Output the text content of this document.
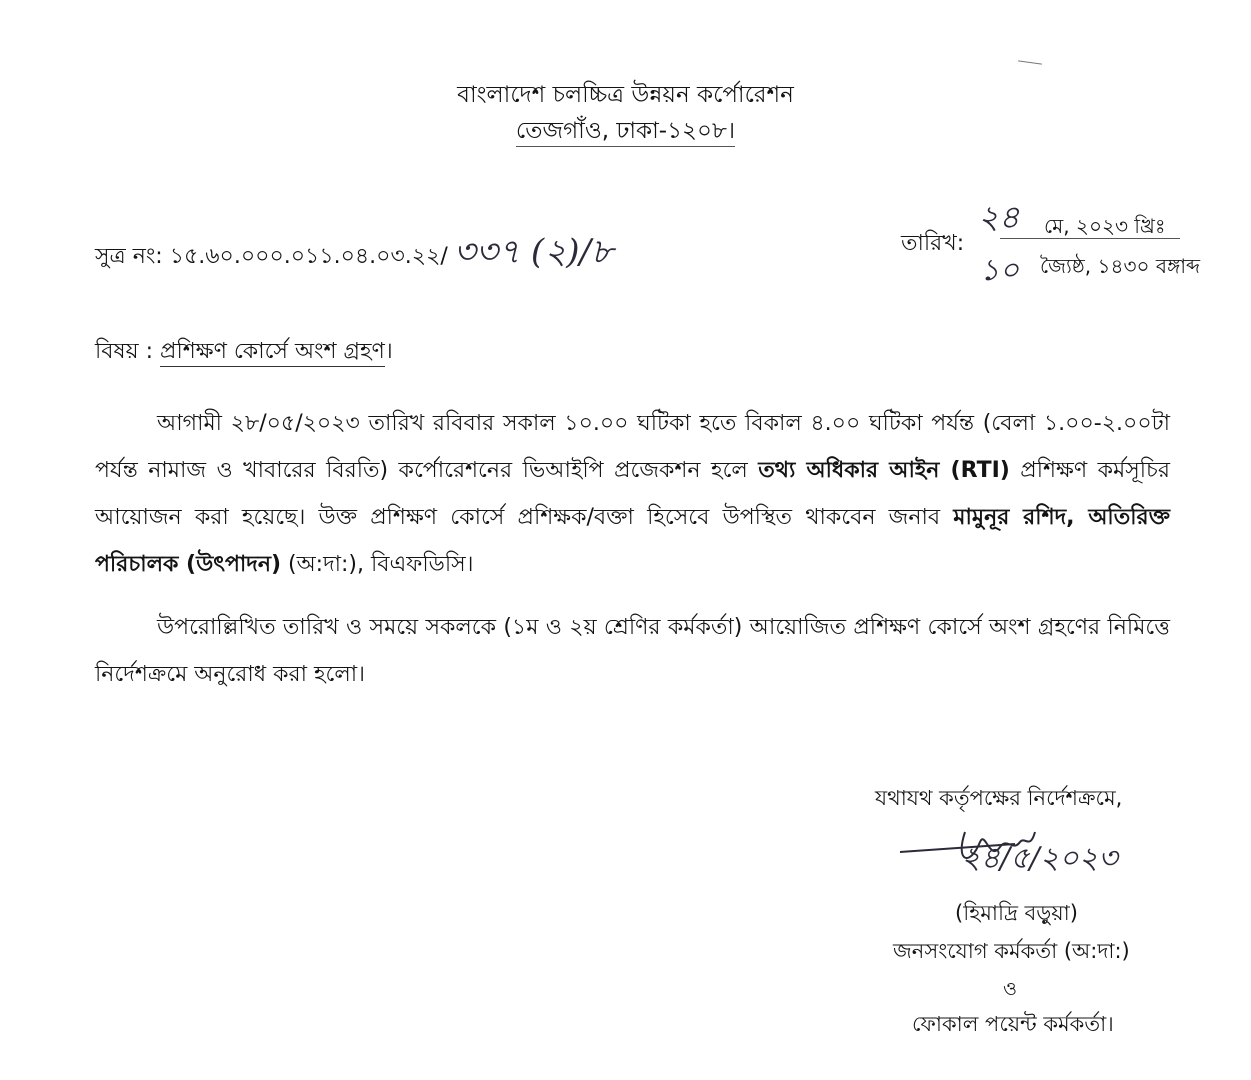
বাংলাদেশ চলচ্চিত্র উন্নয়ন কর্পোরেশন
তেজগাঁও, ঢাকা-১২০৮।
সুত্র নং: ১৫.৬০.০০০.০১১.০৪.০৩.২২/ ৩৩৭ (২)/৮	তারিখ:
২৪ মে, ২০২৩ খ্রিঃ
১০ জ্যৈষ্ঠ, ১৪৩০ বঙ্গাব্দ
বিষয় : প্রশিক্ষণ কোর্সে অংশ গ্রহণ।
আগামী ২৮/০৫/২০২৩ তারিখ রবিবার সকাল ১০.০০ ঘটিকা হতে বিকাল ৪.০০ ঘটিকা পর্যন্ত (বেলা ১.০০-২.০০টা পর্যন্ত নামাজ ও খাবারের বিরতি) কর্পোরেশনের ভিআইপি প্রজেকশন হলে তথ্য অধিকার আইন (RTI) প্রশিক্ষণ কর্মসূচির আয়োজন করা হয়েছে। উক্ত প্রশিক্ষণ কোর্সে প্রশিক্ষক/বক্তা হিসেবে উপস্থিত থাকবেন জনাব মামুনূর রশিদ, অতিরিক্ত পরিচালক (উৎপাদন) (অ:দা:), বিএফডিসি।
উপরোল্লিখিত তারিখ ও সময়ে সকলকে (১ম ও ২য় শ্রেণির কর্মকর্তা) আয়োজিত প্রশিক্ষণ কোর্সে অংশ গ্রহণের নিমিত্তে নির্দেশক্রমে অনুরোধ করা হলো।
যথাযথ কর্তৃপক্ষের নির্দেশক্রমে,
২৪/৫/২০২৩
(হিমাদ্রি বড়ুয়া)
জনসংযোগ কর্মকর্তা (অ:দা:)
ও
ফোকাল পয়েন্ট কর্মকর্তা।
